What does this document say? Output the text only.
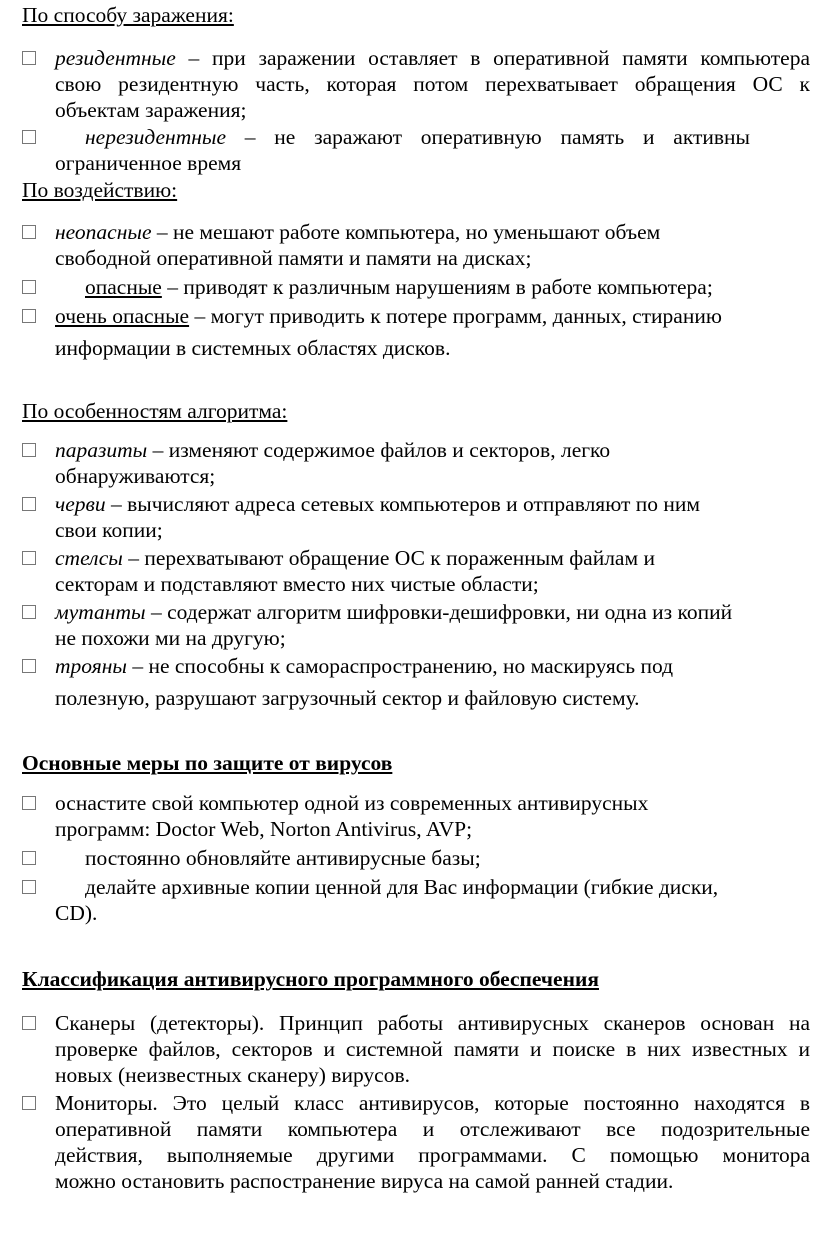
По способу заражения:
резидентные – при заражении оставляет в оперативной памяти компьютера
свою резидентную часть, которая потом перехватывает обращения ОС к
объектам заражения;
нерезидентные – не заражают оперативную память и активны
ограниченное время
По воздействию:
неопасные – не мешают работе компьютера, но уменьшают объем
свободной оперативной памяти и памяти на дисках;
опасные – приводят к различным нарушениям в работе компьютера;
очень опасные – могут приводить к потере программ, данных, стиранию
информации в системных областях дисков.
По особенностям алгоритма:
паразиты – изменяют содержимое файлов и секторов, легко
обнаруживаются;
черви – вычисляют адреса сетевых компьютеров и отправляют по ним
свои копии;
стелсы – перехватывают обращение ОС к пораженным файлам и
секторам и подставляют вместо них чистые области;
мутанты – содержат алгоритм шифровки-дешифровки, ни одна из копий
не похожи ми на другую;
трояны – не способны к самораспространению, но маскируясь под
полезную, разрушают загрузочный сектор и файловую систему.
Основные меры по защите от вирусов
оснастите свой компьютер одной из современных антивирусных
программ: Doctor Web, Norton Antivirus, AVP;
постоянно обновляйте антивирусные базы;
делайте архивные копии ценной для Вас информации (гибкие диски,
CD).
Классификация антивирусного программного обеспечения
Сканеры (детекторы). Принцип работы антивирусных сканеров основан на
проверке файлов, секторов и системной памяти и поиске в них известных и
новых (неизвестных сканеру) вирусов.
Мониторы. Это целый класс антивирусов, которые постоянно находятся в
оперативной памяти компьютера и отслеживают все подозрительные
действия, выполняемые другими программами. С помощью монитора
можно остановить распостранение вируса на самой ранней стадии.
